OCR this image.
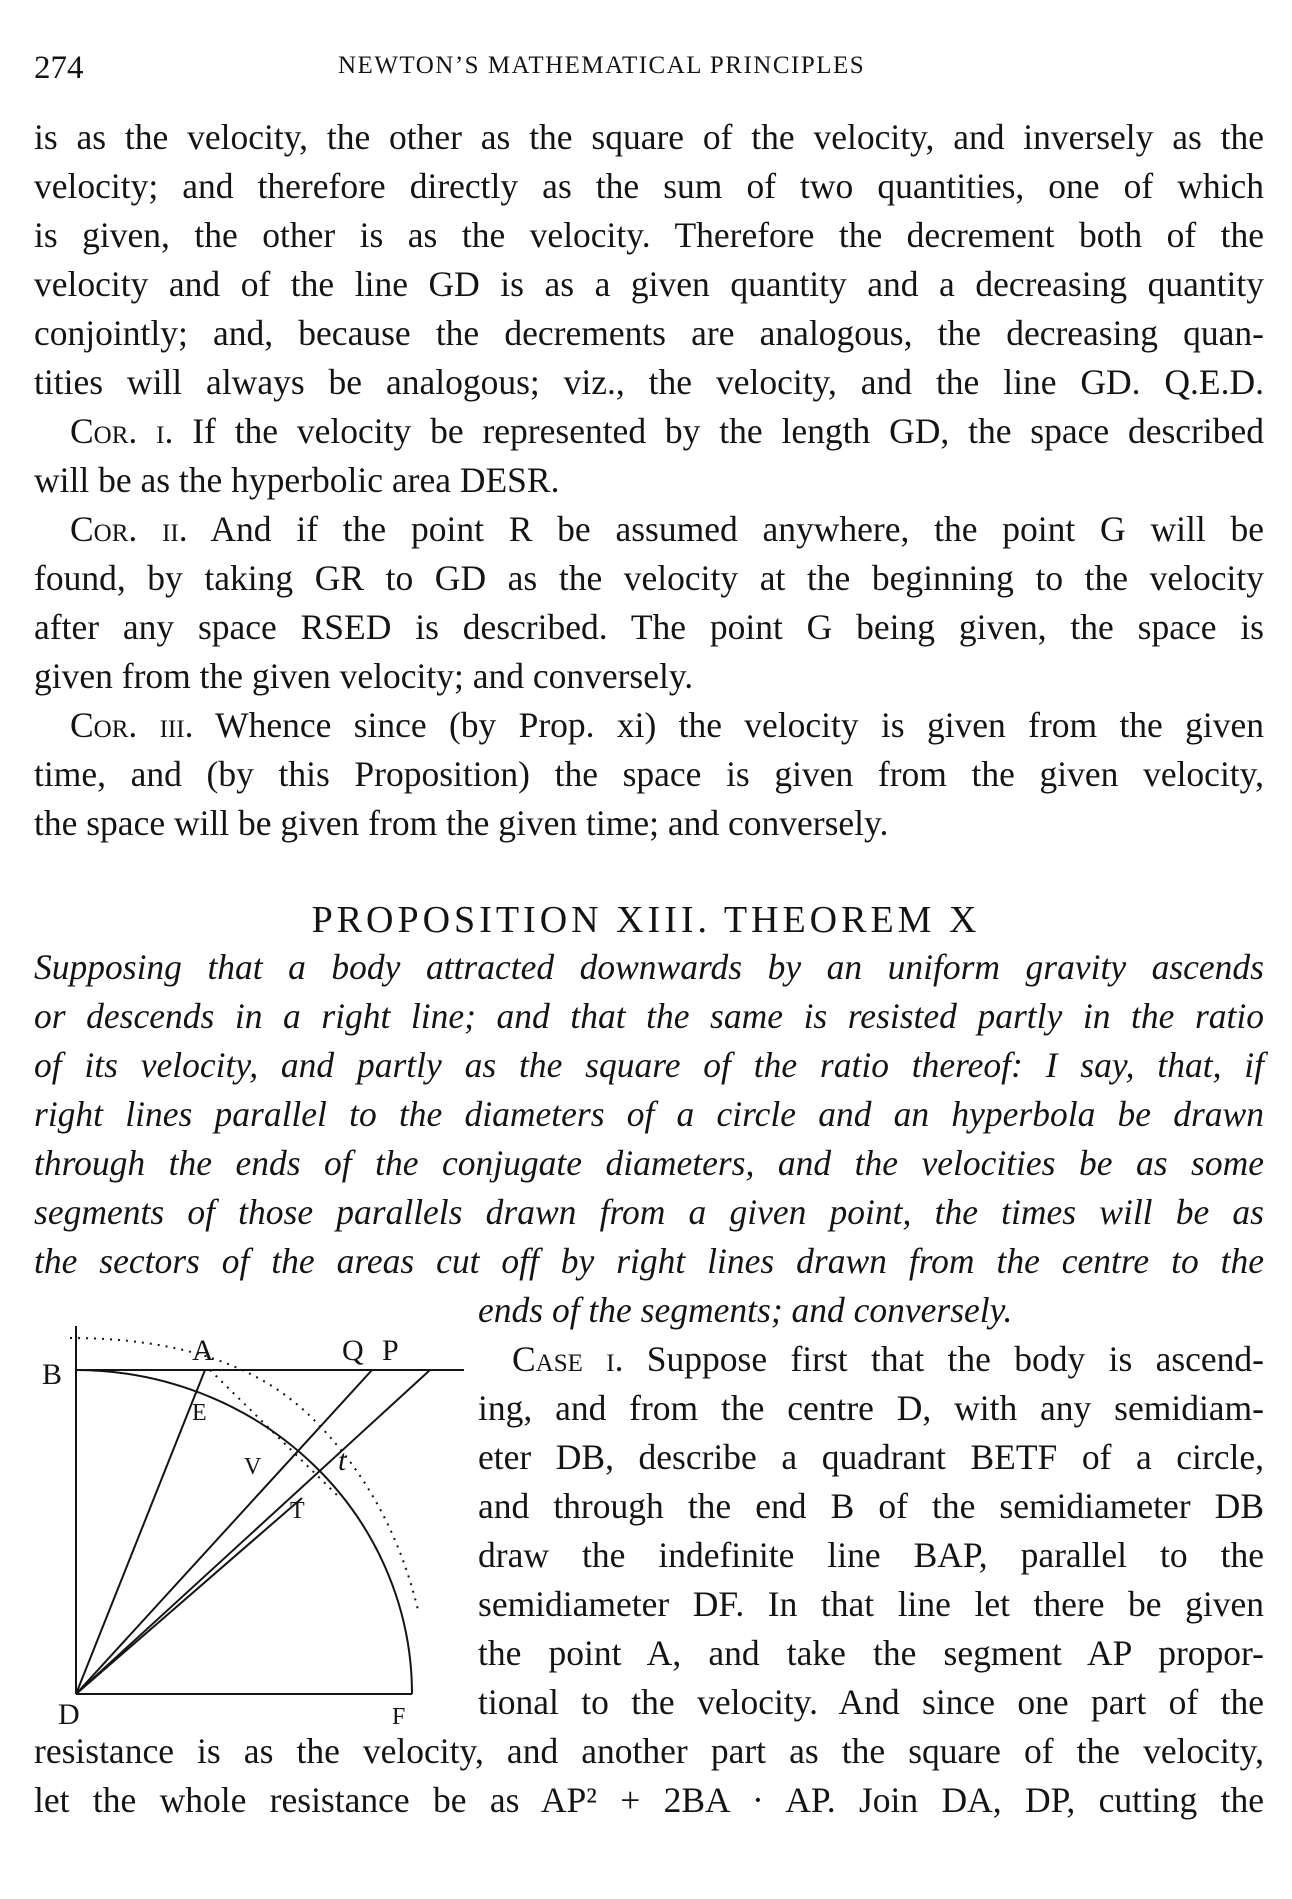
274	NEWTON’S MATHEMATICAL PRINCIPLES
is as the velocity, the other as the square of the velocity, and inversely as the
velocity; and therefore directly as the sum of two quantities, one of which
is given, the other is as the velocity. Therefore the decrement both of the
velocity and of the line GD is as a given quantity and a decreasing quantity
conjointly; and, because the decrements are analogous, the decreasing quan-
tities will always be analogous; viz., the velocity, and the line GD. Q.E.D.
Cor. i. If the velocity be represented by the length GD, the space described
will be as the hyperbolic area DESR.
Cor. ii. And if the point R be assumed anywhere, the point G will be
found, by taking GR to GD as the velocity at the beginning to the velocity
after any space RSED is described. The point G being given, the space is
given from the given velocity; and conversely.
Cor. iii. Whence since (by Prop. xi) the velocity is given from the given
time, and (by this Proposition) the space is given from the given velocity,
the space will be given from the given time; and conversely.
PROPOSITION XIII. THEOREM X
Supposing that a body attracted downwards by an uniform gravity ascends
or descends in a right line; and that the same is resisted partly in the ratio
of its velocity, and partly as the square of the ratio thereof: I say, that, if
right lines parallel to the diameters of a circle and an hyperbola be drawn
through the ends of the conjugate diameters, and the velocities be as some
segments of those parallels drawn from a given point, the times will be as
the sectors of the areas cut off by right lines drawn from the centre to the
ends of the segments; and conversely.
Case i. Suppose first that the body is ascend-
ing, and from the centre D, with any semidiam-
eter DB, describe a quadrant BETF of a circle,
and through the end B of the semidiameter DB
draw the indefinite line BAP, parallel to the
semidiameter DF. In that line let there be given
the point A, and take the segment AP propor-
tional to the velocity. And since one part of the
resistance is as the velocity, and another part as the square of the velocity,
let the whole resistance be as AP² + 2BA · AP. Join DA, DP, cutting the
B
A	Q P
E
V	t
T
D	F
